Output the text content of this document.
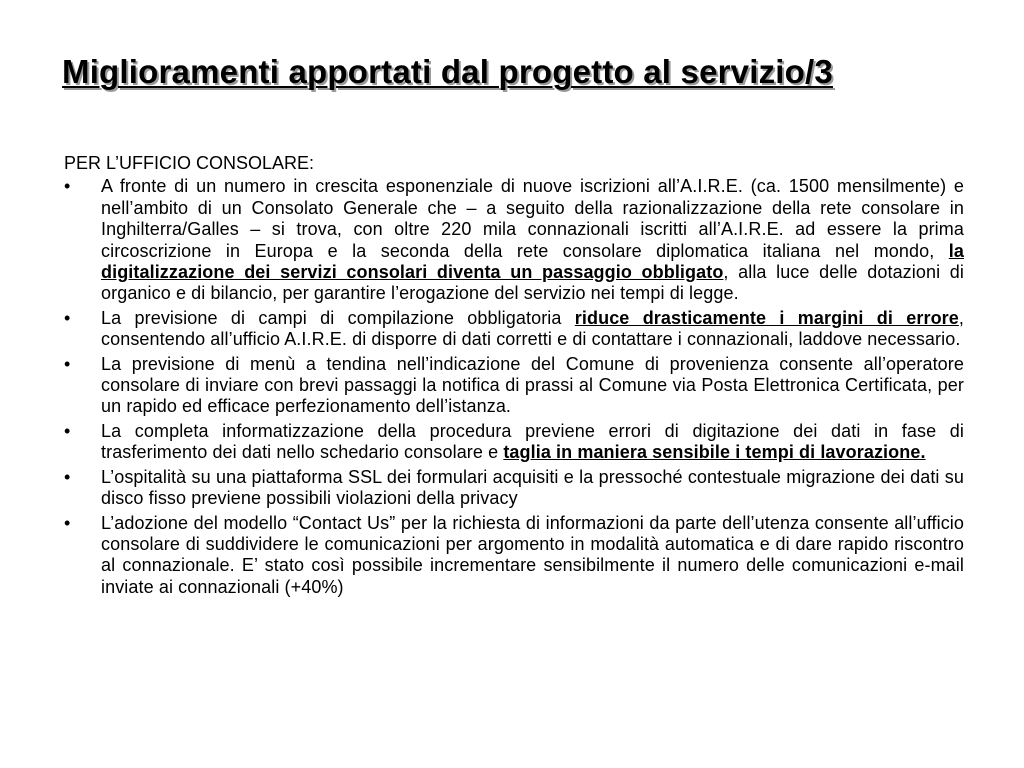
Miglioramenti apportati dal progetto al servizio/3

PER L’UFFICIO CONSOLARE:

•	A fronte di un numero in crescita esponenziale di nuove iscrizioni all’A.I.R.E. (ca. 1500 mensilmente) e nell’ambito di un Consolato Generale che – a seguito della razionalizzazione della rete consolare in Inghilterra/Galles – si trova, con oltre 220 mila connazionali iscritti all’A.I.R.E. ad essere la prima circoscrizione in Europa e la seconda della rete consolare diplomatica italiana nel mondo, la digitalizzazione dei servizi consolari diventa un passaggio obbligato, alla luce delle dotazioni di organico e di bilancio, per garantire l’erogazione del servizio nei tempi di legge.
•	La previsione di campi di compilazione obbligatoria riduce drasticamente i margini di errore, consentendo all’ufficio A.I.R.E. di disporre di dati corretti e di contattare i connazionali, laddove necessario.
•	La previsione di menù a tendina nell’indicazione del Comune di provenienza consente all’operatore consolare di inviare con brevi passaggi la notifica di prassi al Comune via Posta Elettronica Certificata, per un rapido ed efficace perfezionamento dell’istanza.
•	La completa informatizzazione della procedura previene errori di digitazione dei dati in fase di trasferimento dei dati nello schedario consolare e taglia in maniera sensibile i tempi di lavorazione.
•	L’ospitalità su una piattaforma SSL dei formulari acquisiti e la pressoché contestuale migrazione dei dati su disco fisso previene possibili violazioni della privacy
•	L’adozione del modello “Contact Us” per la richiesta di informazioni da parte dell’utenza consente all’ufficio consolare di suddividere le comunicazioni per argomento in modalità automatica e di dare rapido riscontro al connazionale. E’ stato così possibile incrementare sensibilmente il numero delle comunicazioni e-mail inviate ai connazionali (+40%)
